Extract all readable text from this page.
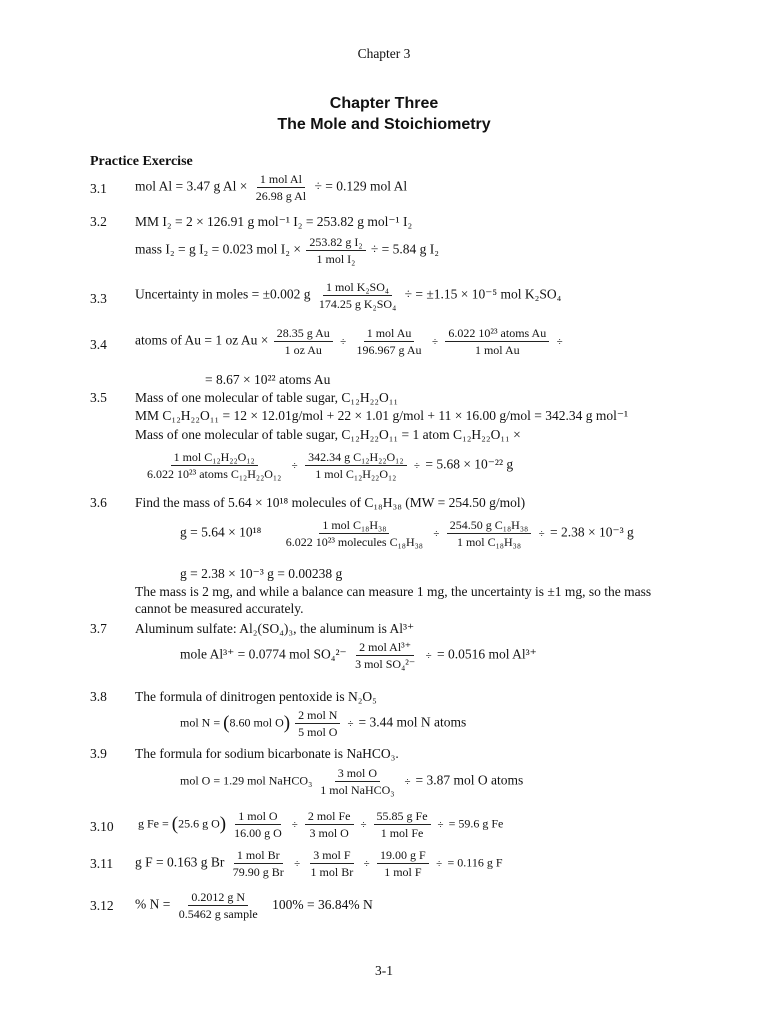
Chapter 3
Chapter Three
The Mole and Stoichiometry
Practice Exercise
3.1 mol Al = 3.47 g $Al \times \frac{\text{1 mol Al}}{\text{26.98 g Al}}$ ÷ = 0.129 mol Al
3.2 MM I₂ = 2 × 126.91 g mol⁻¹ I₂ = 253.82 g mol⁻¹ I₂
mass I₂ = g I₂ = 0.023 mol $I_2 \times \frac{\text{253.82 g I₂}}{\text{1 mol I₂}}$ ÷ = 5.84 g I₂
3.3 Uncertainty in moles = ±0.002 g $\frac{\text{1 mol K₂SO₄}}{\text{174.25 g K₂SO₄}}$ ÷ = ±1.15 × 10⁻⁵ mol K₂SO₄
3.4 atoms of Au = 1 oz $Au \times \frac{\text{28.35 g Au}}{\text{1 oz Au}} \div \frac{\text{1 mol Au}}{\text{196.967 g Au}} \div \frac{\text{6.022 10²³ atoms Au}}{\text{1 mol Au}}$ ÷
= 8.67 × 10²² atoms Au
3.5 Mass of one molecular of table sugar, C₁₂H₂₂O₁₁
MM C₁₂H₂₂O₁₁ = 12 × 12.01g/mol + 22 × 1.01 g/mol + 11 × 16.00 g/mol = 342.34 g mol⁻¹
Mass of one molecular of table sugar, C₁₂H₂₂O₁₁ = 1 atom C₁₂H₂₂O₁₁ ×
$\frac{\text{1 mol C₁₂H₂₂O₁₂}}{\text{6.022 10²³ atoms C₁₂H₂₂O₁₂}} \div \frac{\text{342.34 g C₁₂H₂₂O₁₂}}{\text{1 mol C₁₂H₂₂O₁₂}}$ ÷ = 5.68 × 10⁻²² g
3.6 Find the mass of 5.64 × 10¹⁸ molecules of C₁₈H₃₈ (MW = 254.50 g/mol)
$g = 5.64 \times 10^{18} \frac{\text{1 mol C₁₈H₃₈}}{\text{6.022 10²³ molecules C₁₈H₃₈}} \div \frac{\text{254.50 g C₁₈H₃₈}}{\text{1 mol C₁₈H₃₈}}$ ÷ = 2.38 × 10⁻³ g
g = 2.38 × 10⁻³ g = 0.00238 g
The mass is 2 mg, and while a balance can measure 1 mg, the uncertainty is ±1 mg, so the mass
cannot be measured accurately.
3.7 Aluminum sulfate: Al₂(SO₄)₃, the aluminum is Al³⁺
mole Al³⁺ = 0.0774 mol $SO_4^{2-} \frac{\text{2 mol Al³⁺}}{\text{3 mol SO₄²⁻}}$ ÷ = 0.0516 mol Al³⁺
3.8 The formula of dinitrogen pentoxide is N₂O₅
mol N = (8.60 mol $O) \frac{\text{2 mol N}}{\text{5 mol O}}$ ÷ = 3.44 mol N atoms
3.9 The formula for sodium bicarbonate is NaHCO₃.
mol O = 1.29 mol NaHCO₃ $\frac{\text{3 mol O}}{\text{1 mol NaHCO₃}}$ ÷ = 3.87 mol O atoms
3.10 g Fe = (25.6 g $O) \frac{\text{1 mol O}}{\text{16.00 g O}} \div \frac{\text{2 mol Fe}}{\text{3 mol O}} \div \frac{\text{55.85 g Fe}}{\text{1 mol Fe}}$ ÷ = 59.6 g Fe
3.11 g F = 0.163 g Br $\frac{\text{1 mol Br}}{\text{79.90 g Br}} \div \frac{\text{3 mol F}}{\text{1 mol Br}} \div \frac{\text{19.00 g F}}{\text{1 mol F}}$ ÷ = 0.116 g F
3.12 % $N = \frac{\text{0.2012 g N}}{\text{0.5462 g sample}} 100\% = 36.84\%$ N
3-1
